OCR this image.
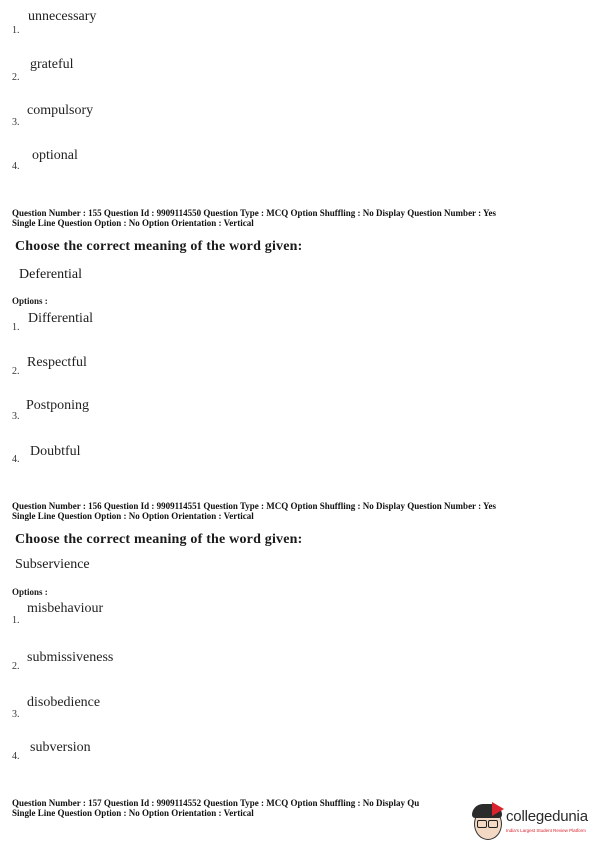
unnecessary
1.
grateful
2.
compulsory
3.
optional
4.
Question Number : 155 Question Id : 9909114550 Question Type : MCQ Option Shuffling : No Display Question Number : Yes
Single Line Question Option : No Option Orientation : Vertical
Choose the correct meaning of the word given:
Deferential
Options :
Differential
1.
Respectful
2.
Postponing
3.
Doubtful
4.
Question Number : 156 Question Id : 9909114551 Question Type : MCQ Option Shuffling : No Display Question Number : Yes
Single Line Question Option : No Option Orientation : Vertical
Choose the correct meaning of the word given:
Subservience
Options :
misbehaviour
1.
submissiveness
2.
disobedience
3.
subversion
4.
Question Number : 157 Question Id : 9909114552 Question Type : MCQ Option Shuffling : No Display Qu
Single Line Question Option : No Option Orientation : Vertical	collegedunia
India's Largest Student Review Platform
